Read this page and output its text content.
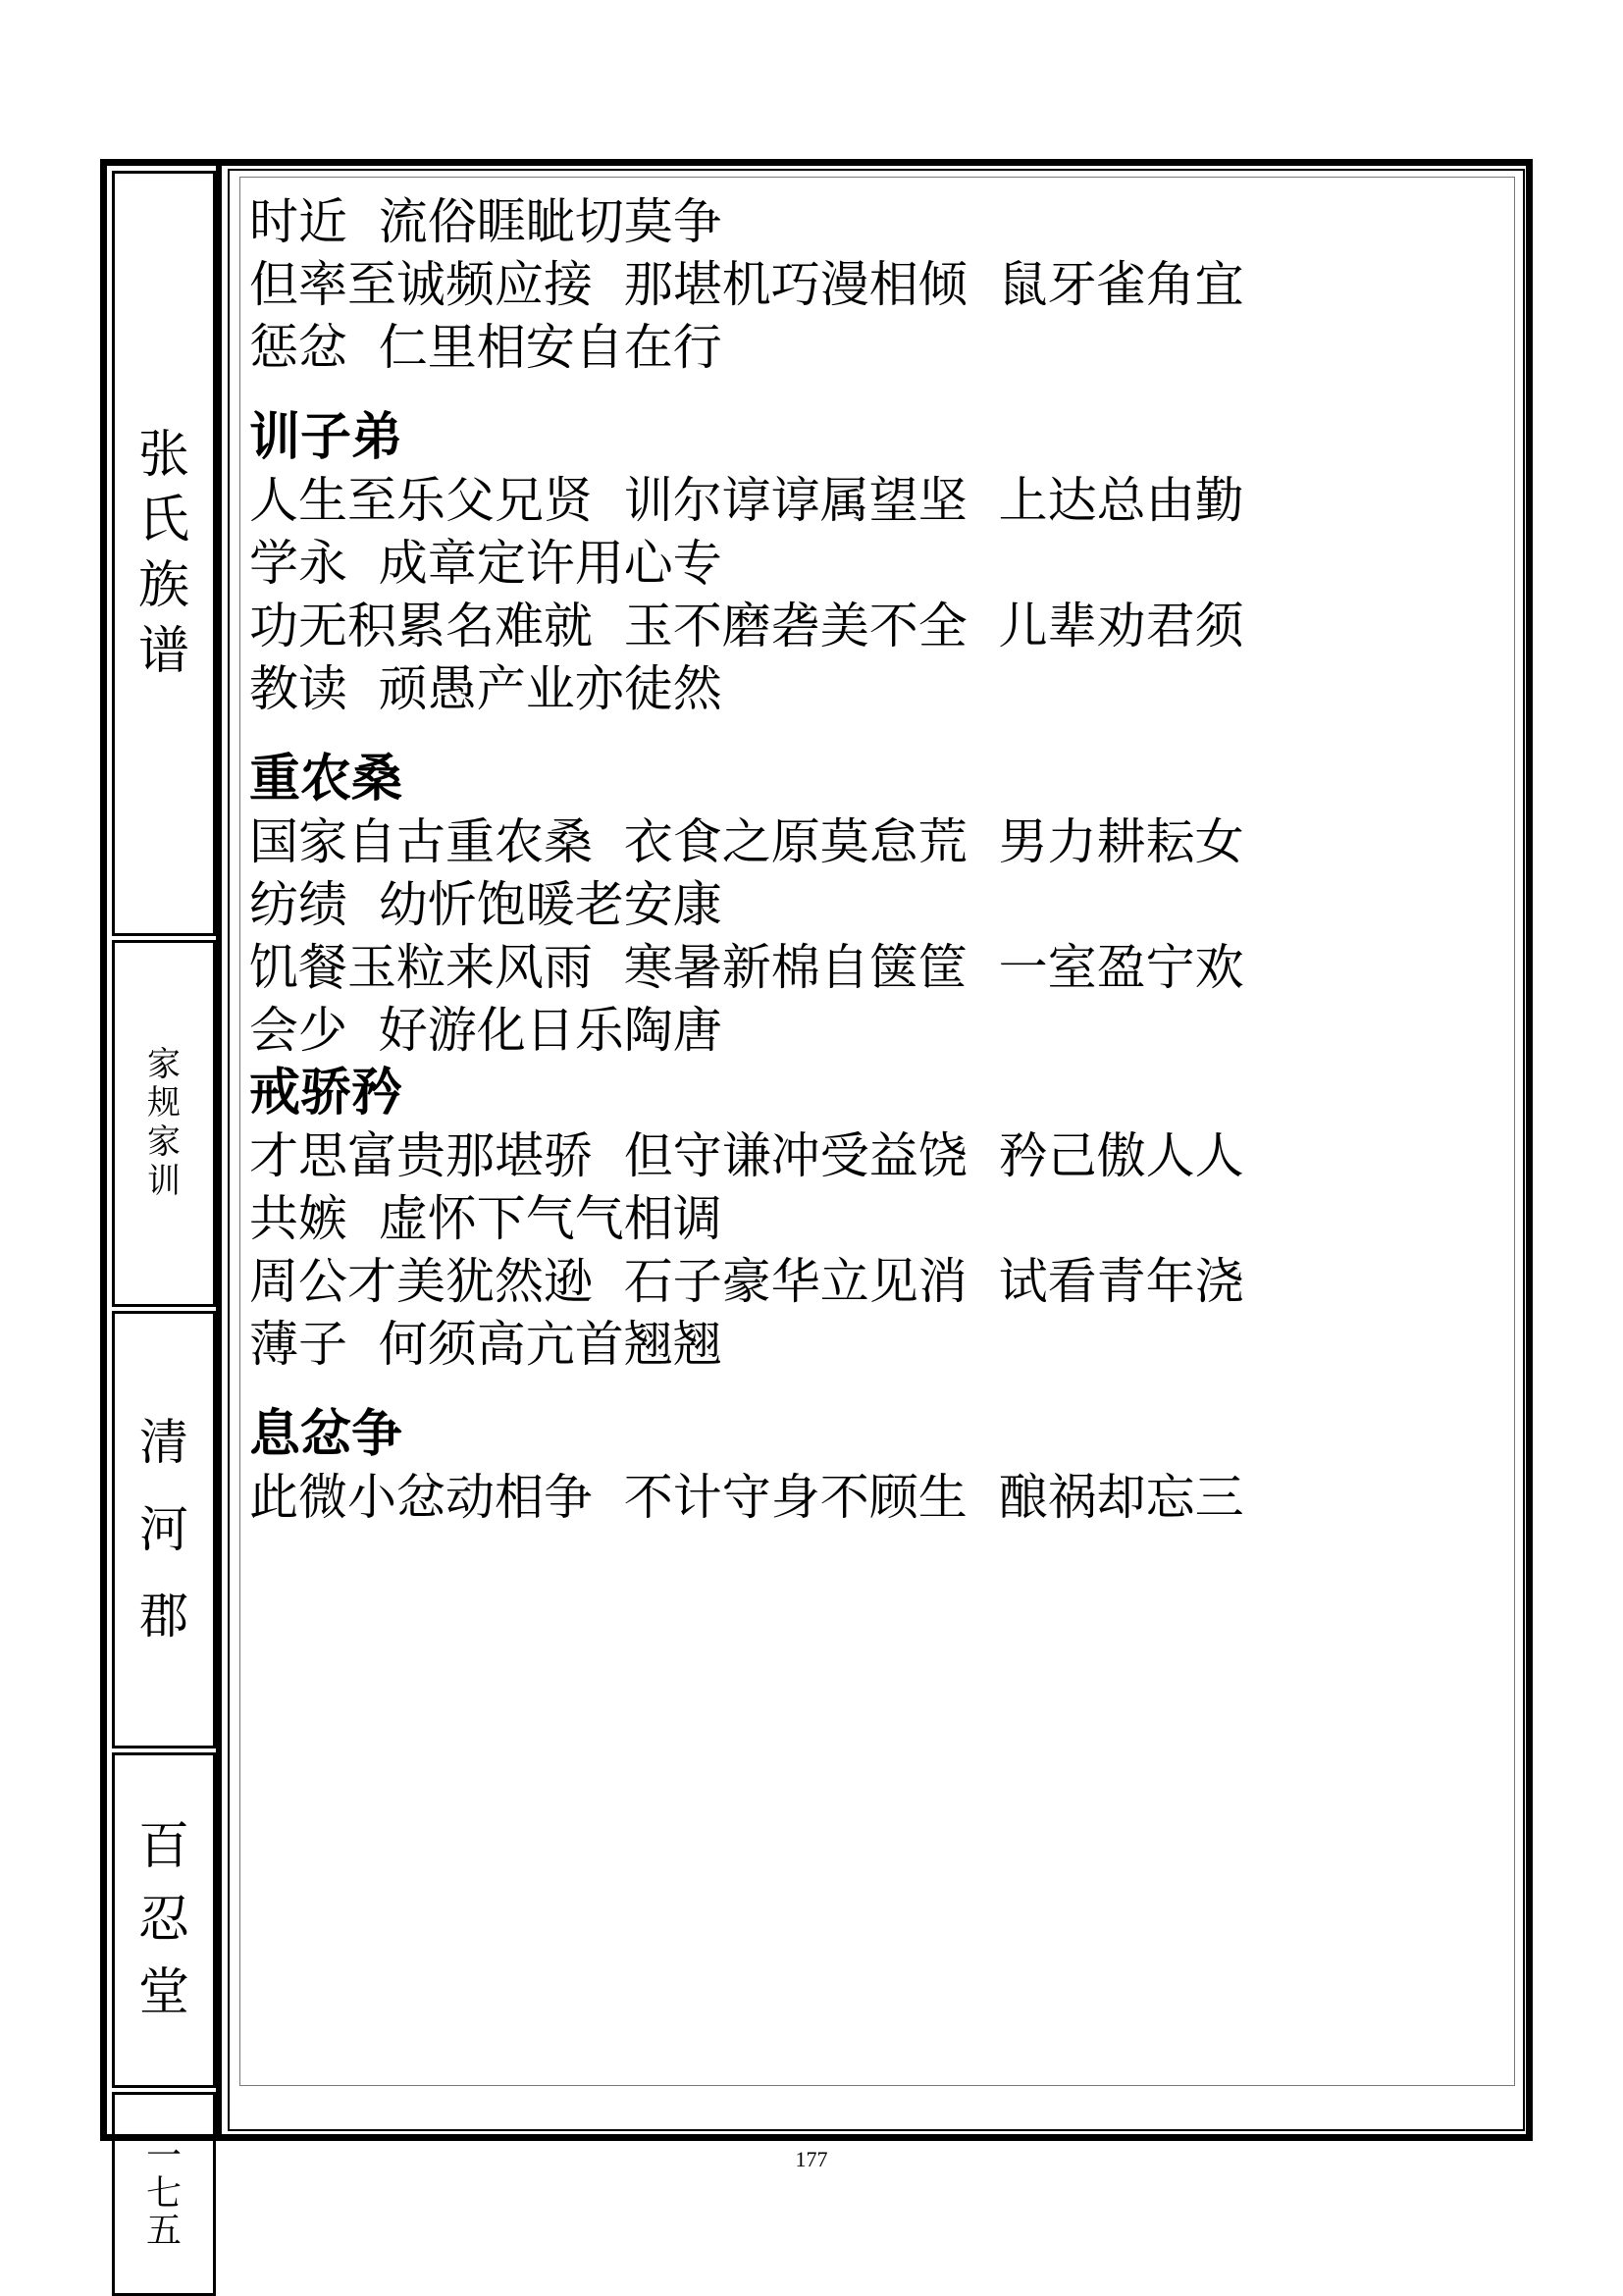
张
氏
族
谱
家
规
家
训
清
河
郡
百
忍
堂
一
七
五
时近  流俗睚眦切莫争
但率至诚频应接  那堪机巧漫相倾  鼠牙雀角宜
惩忿  仁里相安自在行
训子弟
人生至乐父兄贤  训尔谆谆属望坚  上达总由勤
学永  成章定许用心专
功无积累名难就  玉不磨砻美不全  儿辈劝君须
教读  顽愚产业亦徒然
重农桑
国家自古重农桑  衣食之原莫怠荒  男力耕耘女
纺绩  幼忻饱暖老安康
饥餐玉粒来风雨  寒暑新棉自箧筐  一室盈宁欢
会少  好游化日乐陶唐
戒骄矜
才思富贵那堪骄  但守谦冲受益饶  矜己傲人人
共嫉  虚怀下气气相调
周公才美犹然逊  石子豪华立见消  试看青年浇
薄子  何须高亢首翘翘
息忿争
此微小忿动相争  不计守身不顾生  酿祸却忘三
177
